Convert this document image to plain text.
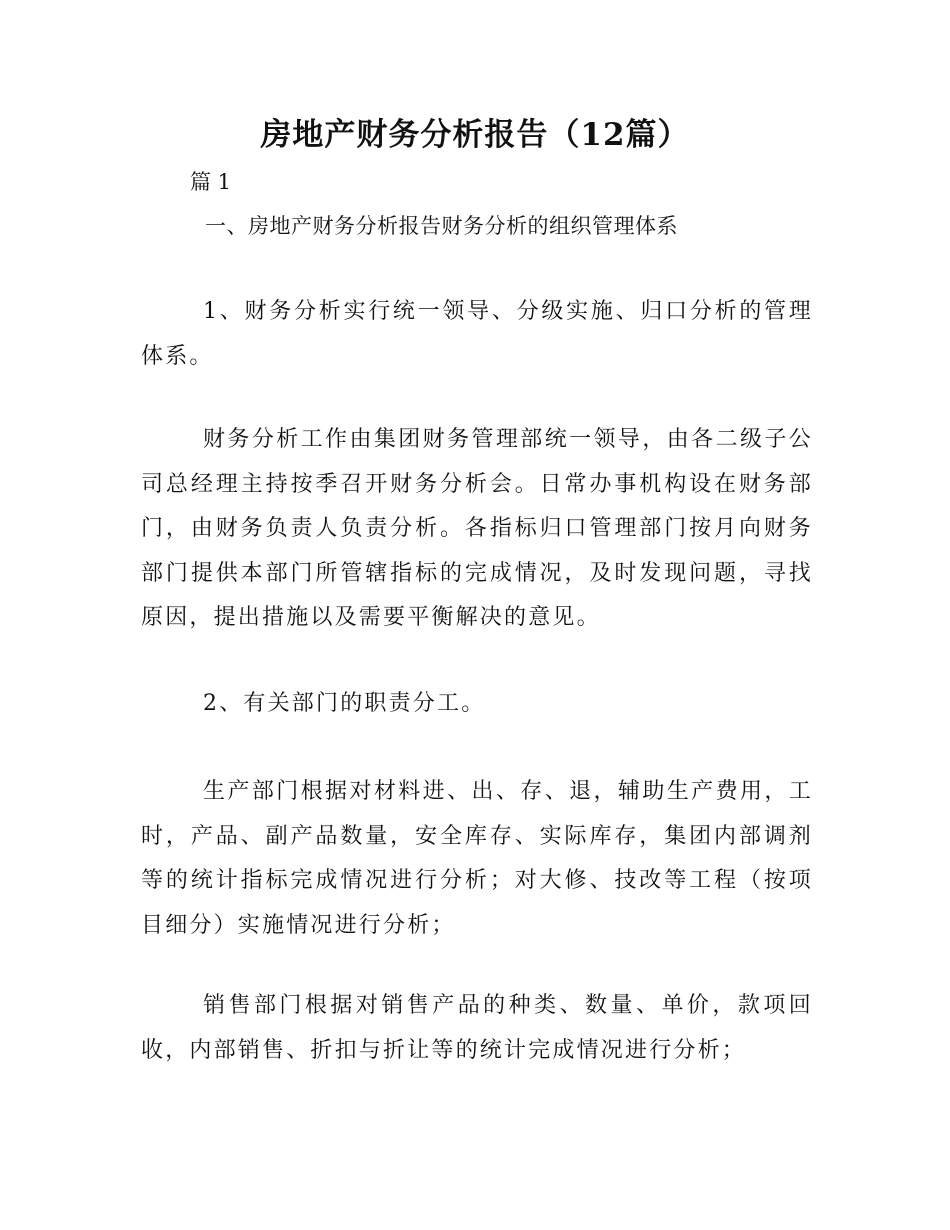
房地产财务分析报告（12篇）
篇 1
一、房地产财务分析报告财务分析的组织管理体系

1、财务分析实行统一领导、分级实施、归口分析的管理体系。

财务分析工作由集团财务管理部统一领导，由各二级子公司总经理主持按季召开财务分析会。日常办事机构设在财务部门，由财务负责人负责分析。各指标归口管理部门按月向财务部门提供本部门所管辖指标的完成情况，及时发现问题，寻找原因，提出措施以及需要平衡解决的意见。

2、有关部门的职责分工。

生产部门根据对材料进、出、存、退，辅助生产费用，工时，产品、副产品数量，安全库存、实际库存，集团内部调剂等的统计指标完成情况进行分析；对大修、技改等工程（按项目细分）实施情况进行分析；

销售部门根据对销售产品的种类、数量、单价，款项回收，内部销售、折扣与折让等的统计完成情况进行分析；
